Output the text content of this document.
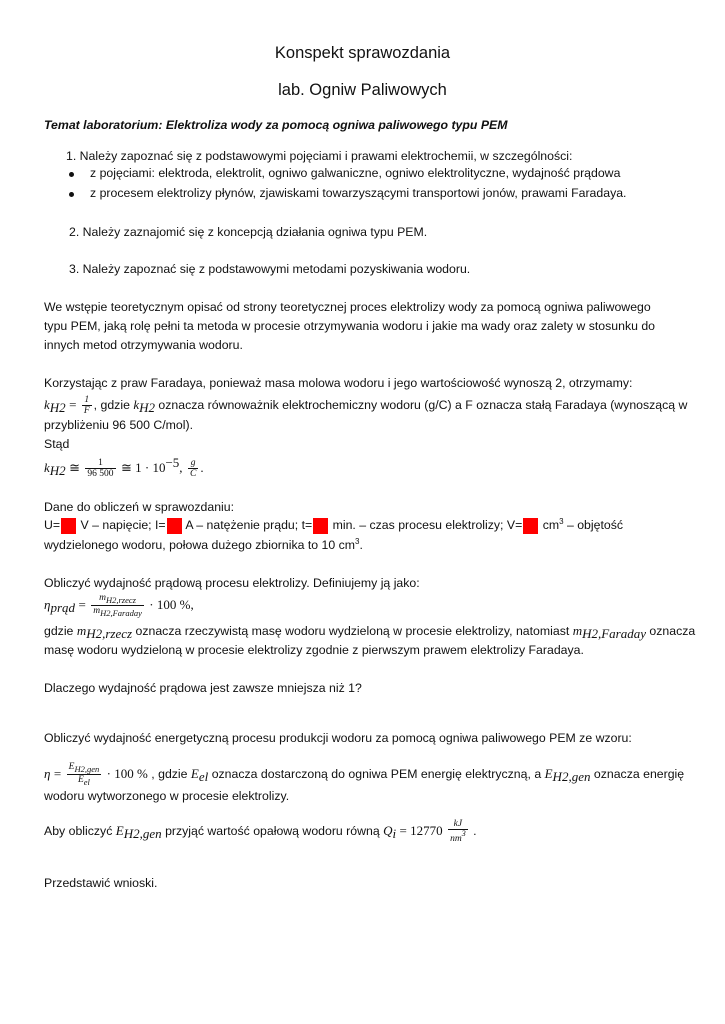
Konspekt sprawozdania
lab. Ogniw Paliwowych
Temat laboratorium: Elektroliza wody za pomocą ogniwa paliwowego typu PEM
1. Należy zapoznać się z podstawowymi pojęciami i prawami elektrochemii, w szczególności:
z pojęciami: elektroda, elektrolit, ogniwo galwaniczne, ogniwo elektrolityczne, wydajność prądowa
z procesem elektrolizy płynów, zjawiskami towarzyszącymi transportowi jonów, prawami Faradaya.
2. Należy zaznajomić się z koncepcją działania ogniwa typu PEM.
3. Należy zapoznać się z podstawowymi metodami pozyskiwania wodoru.
We wstępie teoretycznym opisać od strony teoretycznej proces elektrolizy wody za pomocą ogniwa paliwowego
typu PEM, jaką rolę pełni ta metoda w procesie otrzymywania wodoru i jakie ma wady oraz zalety w stosunku do
innych metod otrzymywania wodoru.
Korzystając z praw Faradaya, ponieważ masa molowa wodoru i jego wartościowość wynoszą 2, otrzymamy:
$k_{H2} = \frac{1}{F}$ , gdzie $k_{H2}$ oznacza równoważnik elektrochemiczny wodoru (g/C) a F oznacza stałą Faradaya (wynoszącą w
przybliżeniu 96 500 C/mol).
Stąd
$k_{H2}$ ≅ $\frac{1}{96 500}$ ≅ $1 \cdot 10^{-5}$, $\frac{g}{C}$ .
Dane do obliczeń w sprawozdaniu:
U= V – napięcie; I= A – natężenie prądu; t= min. – czas procesu elektrolizy; $V= cm^3$ – objętość
wydzielonego wodoru, połowa dużego zbiornika to 10 $cm^3$.
Obliczyć wydajność prądową procesu elektrolizy. Definiujemy ją jako:
$\eta_{prąd} = \frac{m_{H2,rzecz}}{m_{H2,Faraday}} \cdot 100$ %,
gdzie $m_{H2,rzecz}$ oznacza rzeczywistą masę wodoru wydzieloną w procesie elektrolizy, natomiast $m_{H2,Faraday}$ oznacza
masę wodoru wydzieloną w procesie elektrolizy zgodnie z pierwszym prawem elektrolizy Faradaya.
Dlaczego wydajność prądowa jest zawsze mniejsza niż 1?
Obliczyć wydajność energetyczną procesu produkcji wodoru za pomocą ogniwa paliwowego PEM ze wzoru:
$\eta = \frac{E_{H2,gen}}{E_{el}} \cdot 100$ % , gdzie $E_{el}$ oznacza dostarczoną do ogniwa PEM energię elektryczną, a $E_{H2,gen}$ oznacza energię
wodoru wytworzonego w procesie elektrolizy.
Aby obliczyć $E_{H2,gen}$ przyjąć wartość opałową wodoru równą $Q_i = 12770 \frac{kJ}{nm^3}$ .
Przedstawić wnioski.
